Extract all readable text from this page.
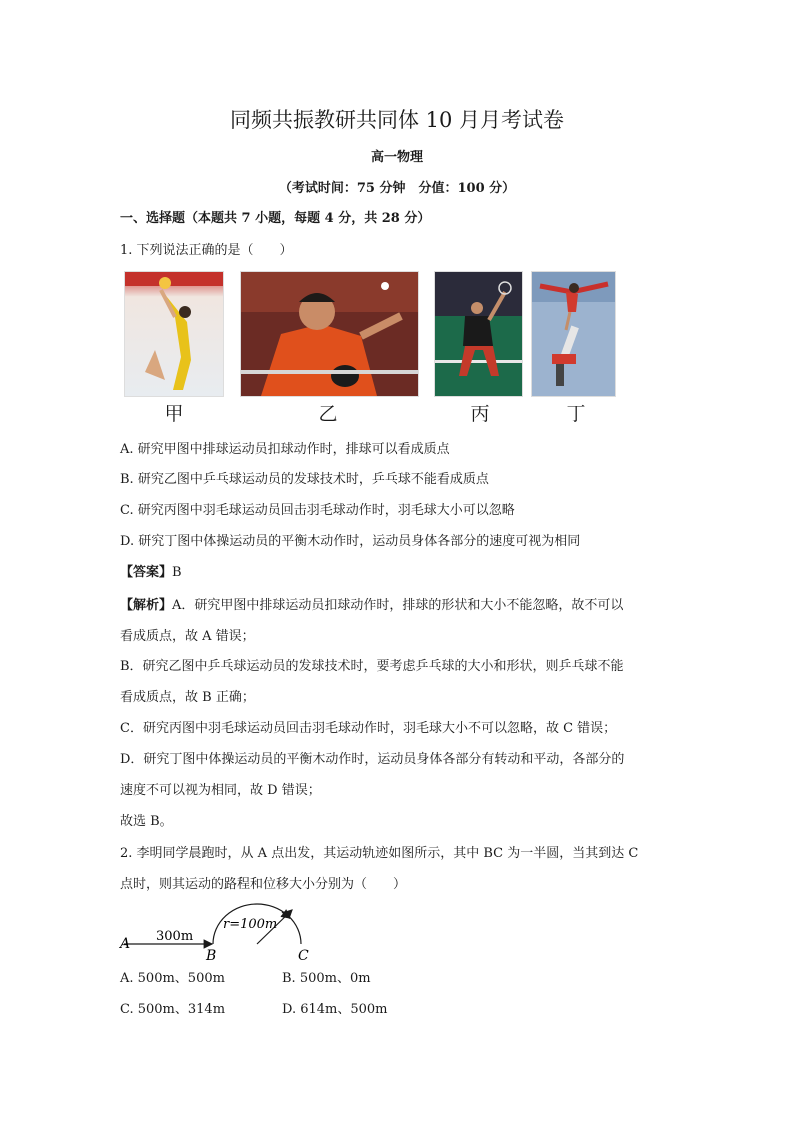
同频共振教研共同体 10 月月考试卷
高一物理
（考试时间：75 分钟　分值：100 分）
一、选择题（本题共 7 小题，每题 4 分，共 28 分）
1. 下列说法正确的是（　　）
甲	乙	丙	丁
A. 研究甲图中排球运动员扣球动作时，排球可以看成质点
B. 研究乙图中乒乓球运动员的发球技术时，乒乓球不能看成质点
C. 研究丙图中羽毛球运动员回击羽毛球动作时，羽毛球大小可以忽略
D. 研究丁图中体操运动员的平衡木动作时，运动员身体各部分的速度可视为相同
【答案】B
【解析】A．研究甲图中排球运动员扣球动作时，排球的形状和大小不能忽略，故不可以
看成质点，故 A 错误；
B．研究乙图中乒乓球运动员的发球技术时，要考虑乒乓球的大小和形状，则乒乓球不能
看成质点，故 B 正确；
C．研究丙图中羽毛球运动员回击羽毛球动作时，羽毛球大小不可以忽略，故 C 错误；
D．研究丁图中体操运动员的平衡木动作时，运动员身体各部分有转动和平动，各部分的
速度不可以视为相同，故 D 错误；
故选 B。
2. 李明同学晨跑时，从 A 点出发，其运动轨迹如图所示，其中 BC 为一半圆，当其到达 C
点时，则其运动的路程和位移大小分别为（　　）
A
B	C
300m
r=100m
A. 500m、500m	B. 500m、0m
C. 500m、314m	D. 614m、500m
